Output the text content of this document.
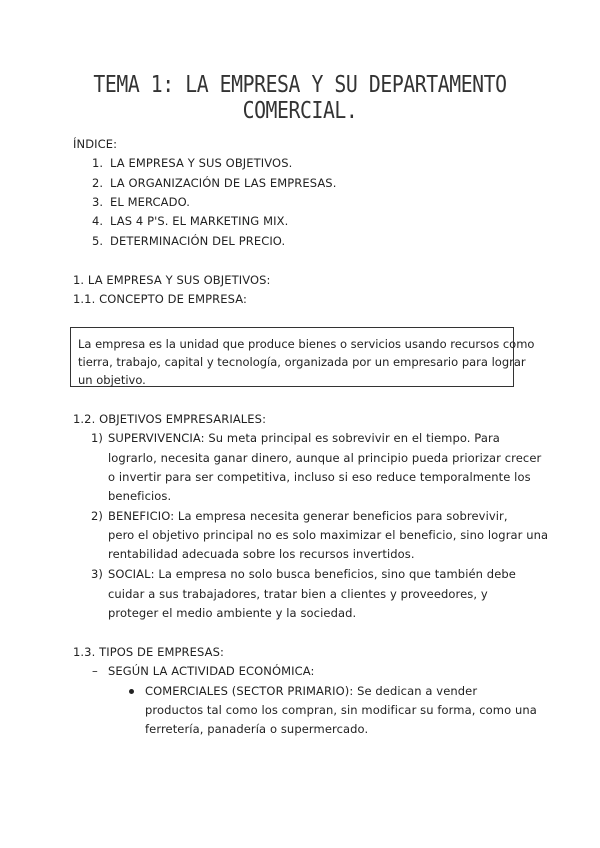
TEMA 1: LA EMPRESA Y SU DEPARTAMENTO COMERCIAL.
ÍNDICE:
1. LA EMPRESA Y SUS OBJETIVOS.
2. LA ORGANIZACIÓN DE LAS EMPRESAS.
3. EL MERCADO.
4. LAS 4 P'S. EL MARKETING MIX.
5. DETERMINACIÓN DEL PRECIO.
1. LA EMPRESA Y SUS OBJETIVOS:
1.1. CONCEPTO DE EMPRESA:
La empresa es la unidad que produce bienes o servicios usando recursos como
tierra, trabajo, capital y tecnología, organizada por un empresario para lograr
un objetivo.
1.2. OBJETIVOS EMPRESARIALES:
1) SUPERVIVENCIA: Su meta principal es sobrevivir en el tiempo. Para
lograrlo, necesita ganar dinero, aunque al principio pueda priorizar crecer
o invertir para ser competitiva, incluso si eso reduce temporalmente los
beneficios.
2) BENEFICIO: La empresa necesita generar beneficios para sobrevivir,
pero el objetivo principal no es solo maximizar el beneficio, sino lograr una
rentabilidad adecuada sobre los recursos invertidos.
3) SOCIAL: La empresa no solo busca beneficios, sino que también debe
cuidar a sus trabajadores, tratar bien a clientes y proveedores, y
proteger el medio ambiente y la sociedad.
1.3. TIPOS DE EMPRESAS:
– SEGÚN LA ACTIVIDAD ECONÓMICA:
COMERCIALES (SECTOR PRIMARIO): Se dedican a vender
productos tal como los compran, sin modificar su forma, como una
ferretería, panadería o supermercado.
